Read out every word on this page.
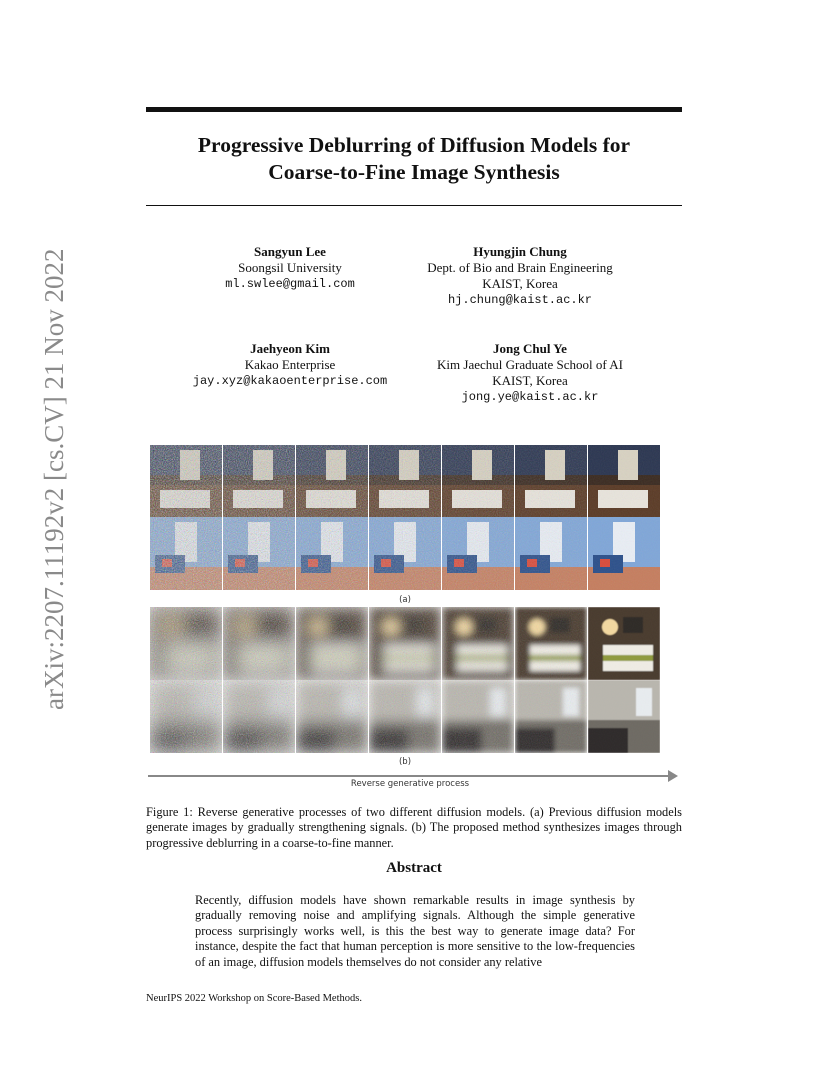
arXiv:2207.11192v2 [cs.CV] 21 Nov 2022
Progressive Deblurring of Diffusion Models for
Coarse-to-Fine Image Synthesis
Sangyun Lee
Soongsil University
ml.swlee@gmail.com
Hyungjin Chung
Dept. of Bio and Brain Engineering
KAIST, Korea
hj.chung@kaist.ac.kr
Jaehyeon Kim
Kakao Enterprise
jay.xyz@kakaoenterprise.com
Jong Chul Ye
Kim Jaechul Graduate School of AI
KAIST, Korea
jong.ye@kaist.ac.kr
(a)
(b)
Reverse generative process
Figure 1: Reverse generative processes of two different diffusion models. (a) Previous diffusion models generate images by gradually strengthening signals. (b) The proposed method synthesizes images through progressive deblurring in a coarse-to-fine manner.
Abstract
Recently, diffusion models have shown remarkable results in image synthesis by gradually removing noise and amplifying signals. Although the simple generative process surprisingly works well, is this the best way to generate image data? For instance, despite the fact that human perception is more sensitive to the low-frequencies of an image, diffusion models themselves do not consider any relative
NeurIPS 2022 Workshop on Score-Based Methods.
